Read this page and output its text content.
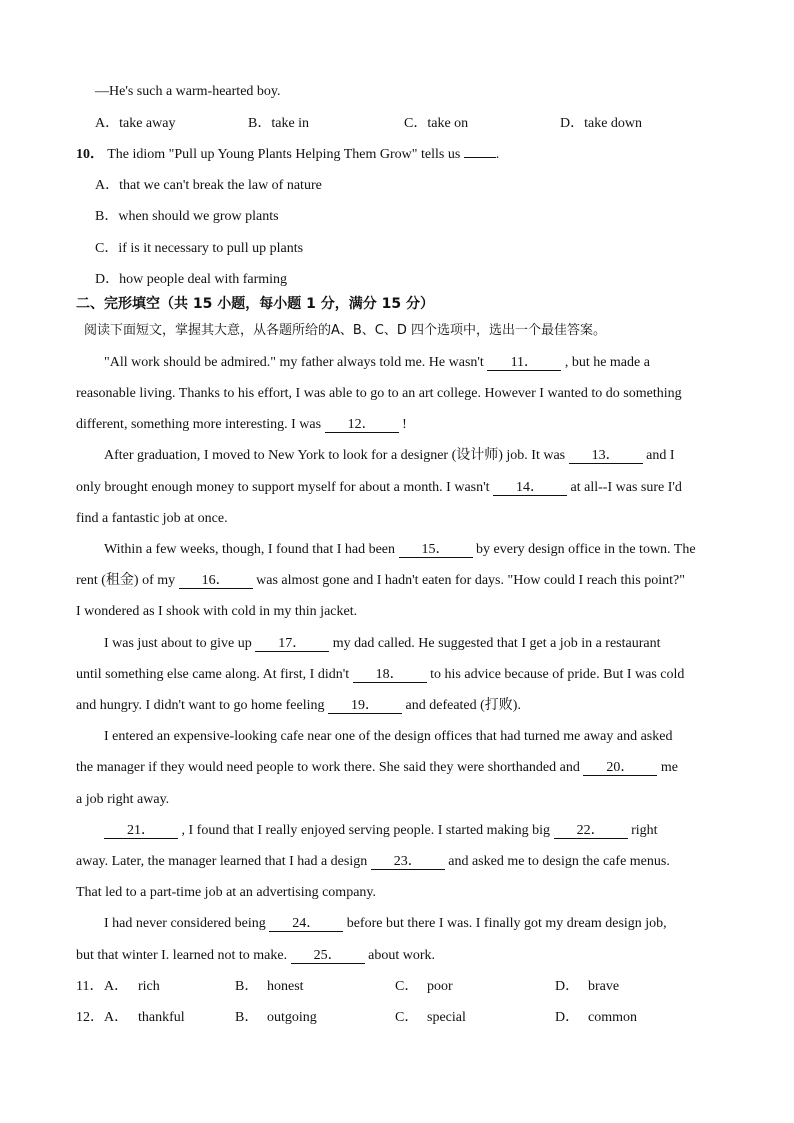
—He's such a warm-hearted boy.
A．take away	B．take in	C．take on	D．take down
10． The idiom "Pull up Young Plants Helping Them Grow" tells us	.
A．that we can't break the law of nature
B．when should we grow plants
C．if is it necessary to pull up plants
D．how people deal with farming
二、完形填空（共 15 小题，每小题 1 分，满分 15 分）
阅读下面短文，掌握其大意，从各题所给的A、B、C、D 四个选项中，选出一个最佳答案。
"All work should be admired." my father always told me. He wasn't 11． , but he made a
reasonable living. Thanks to his effort, I was able to go to an art college. However I wanted to do something
different, something more interesting. I was 12． !
After graduation, I moved to New York to look for a designer (设计师) job. It was 13． and I
only brought enough money to support myself for about a month. I wasn't 14． at all--I was sure I'd
find a fantastic job at once.
Within a few weeks, though, I found that I had been 15． by every design office in the town. The
rent (租金) of my 16． was almost gone and I hadn't eaten for days. "How could I reach this point?"
I wondered as I shook with cold in my thin jacket.
I was just about to give up 17． my dad called. He suggested that I get a job in a restaurant
until something else came along. At first, I didn't 18． to his advice because of pride. But I was cold
and hungry. I didn't want to go home feeling 19． and defeated (打败).
I entered an expensive-looking cafe near one of the design offices that had turned me away and asked
the manager if they would need people to work there. She said they were shorthanded and 20． me
a job right away.
21． , I found that I really enjoyed serving people. I started making big 22． right
away. Later, the manager learned that I had a design 23． and asked me to design the cafe menus.
That led to a part-time job at an advertising company.
I had never considered being 24． before but there I was. I finally got my dream design job,
but that winter I. learned not to make. 25． about work.
11． A． rich	B． honest	C． poor	D． brave
12． A． thankful	B． outgoing	C． special	D． common
